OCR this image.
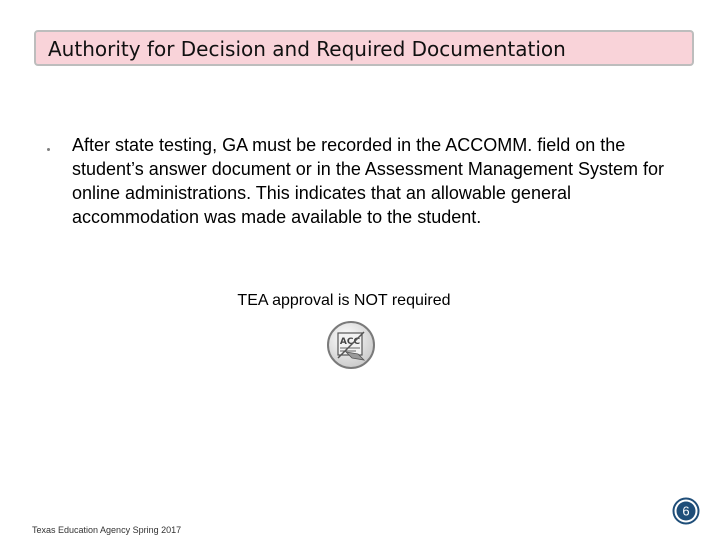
Authority for Decision and Required Documentation
After state testing, GA must be recorded in the ACCOMM. field on the student’s answer document or in the Assessment Management System for online administrations. This indicates that an allowable general accommodation was made available to the student.
TEA approval is NOT required
ACC
6
Texas Education Agency Spring 2017
